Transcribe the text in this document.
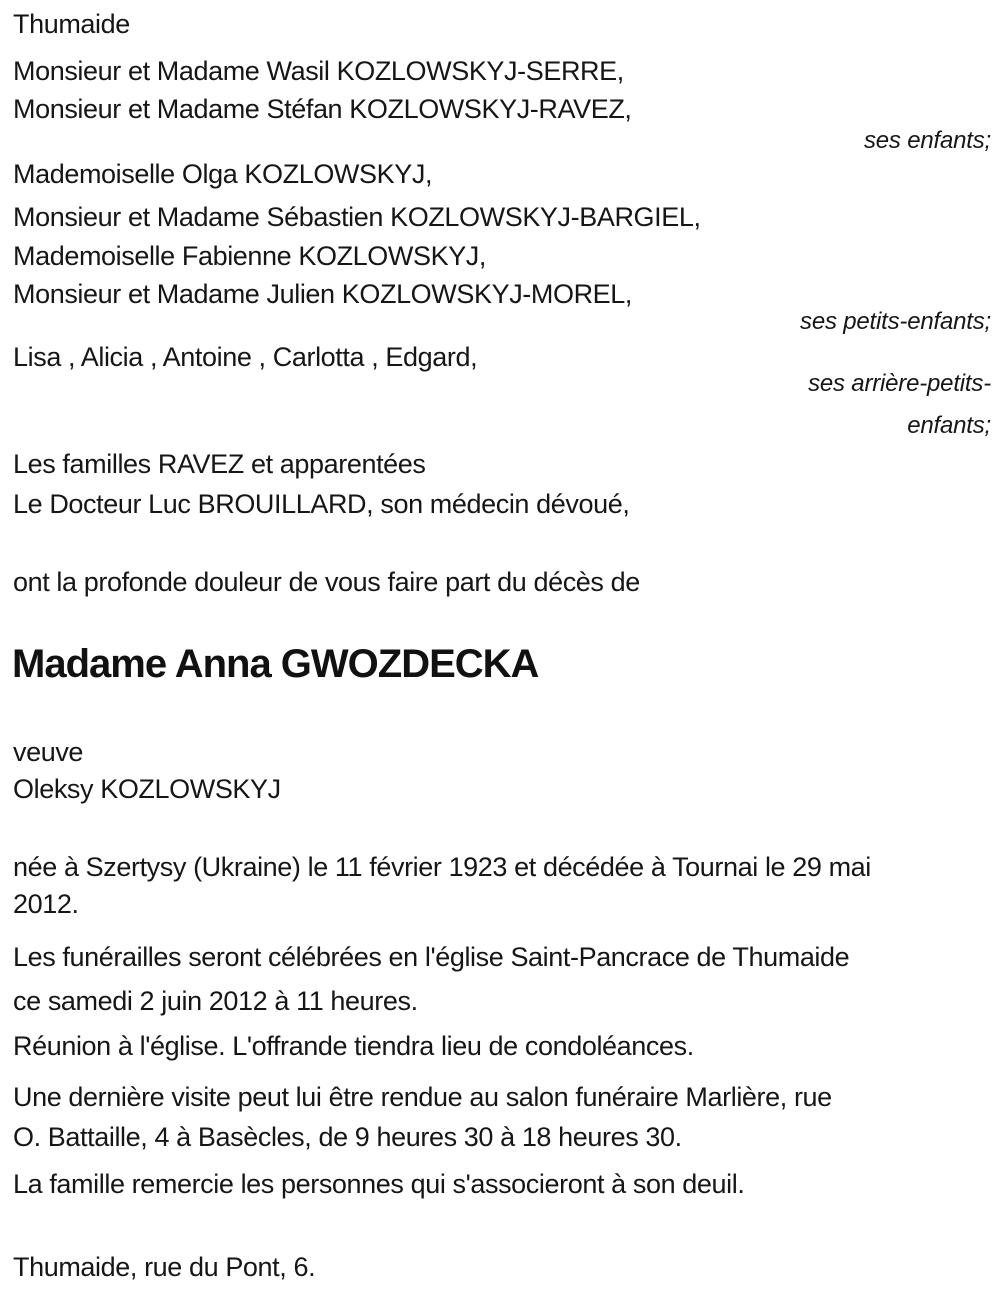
Thumaide
Monsieur et Madame Wasil KOZLOWSKYJ-SERRE,
Monsieur et Madame Stéfan KOZLOWSKYJ-RAVEZ,
ses enfants;
Mademoiselle Olga KOZLOWSKYJ,
Monsieur et Madame Sébastien KOZLOWSKYJ-BARGIEL,
Mademoiselle Fabienne KOZLOWSKYJ,
Monsieur et Madame Julien KOZLOWSKYJ-MOREL,
ses petits-enfants;
Lisa , Alicia , Antoine , Carlotta , Edgard,
ses arrière-petits-
enfants;
Les familles RAVEZ et apparentées
Le Docteur Luc BROUILLARD, son médecin dévoué,
ont la profonde douleur de vous faire part du décès de
Madame Anna GWOZDECKA
veuve
Oleksy KOZLOWSKYJ
née à Szertysy (Ukraine) le 11 février 1923 et décédée à Tournai le 29 mai
2012.
Les funérailles seront célébrées en l'église Saint-Pancrace de Thumaide
ce samedi 2 juin 2012 à 11 heures.
Réunion à l'église. L'offrande tiendra lieu de condoléances.
Une dernière visite peut lui être rendue au salon funéraire Marlière, rue
O. Battaille, 4 à Basècles, de 9 heures 30 à 18 heures 30.
La famille remercie les personnes qui s'associeront à son deuil.
Thumaide, rue du Pont, 6.
